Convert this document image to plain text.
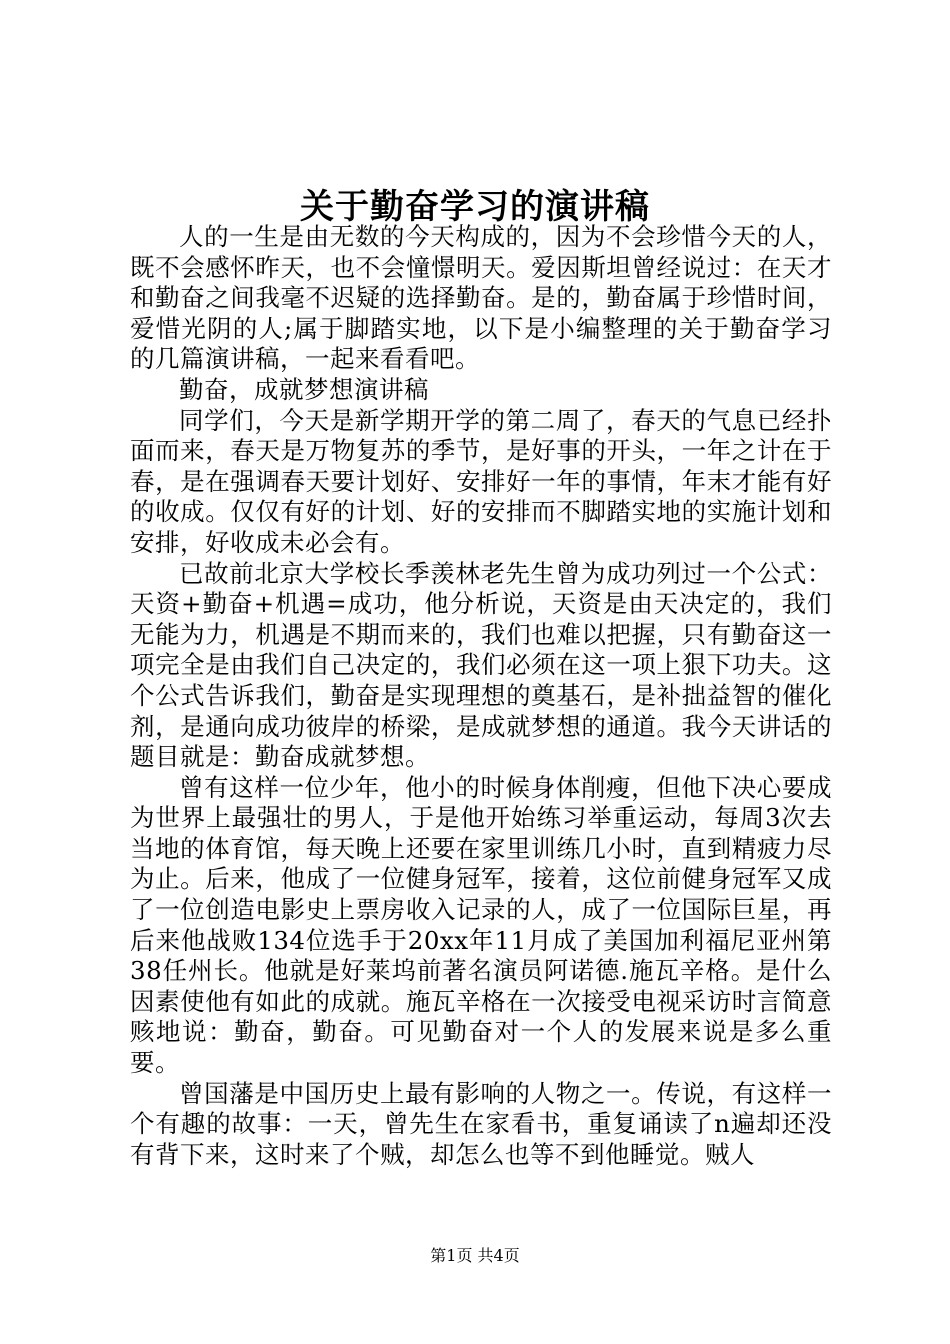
关于勤奋学习的演讲稿

人的一生是由无数的今天构成的，因为不会珍惜今天的人，既不会感怀昨天，也不会憧憬明天。爱因斯坦曾经说过：在天才和勤奋之间我毫不迟疑的选择勤奋。是的，勤奋属于珍惜时间，爱惜光阴的人;属于脚踏实地，以下是小编整理的关于勤奋学习的几篇演讲稿，一起来看看吧。

勤奋，成就梦想演讲稿

同学们，今天是新学期开学的第二周了，春天的气息已经扑面而来，春天是万物复苏的季节，是好事的开头，一年之计在于春，是在强调春天要计划好、安排好一年的事情，年末才能有好的收成。仅仅有好的计划、好的安排而不脚踏实地的实施计划和安排，好收成未必会有。

已故前北京大学校长季羡林老先生曾为成功列过一个公式：天资+勤奋+机遇=成功，他分析说，天资是由天决定的，我们无能为力，机遇是不期而来的，我们也难以把握，只有勤奋这一项完全是由我们自己决定的，我们必须在这一项上狠下功夫。这个公式告诉我们，勤奋是实现理想的奠基石，是补拙益智的催化剂，是通向成功彼岸的桥梁，是成就梦想的通道。我今天讲话的题目就是：勤奋成就梦想。

曾有这样一位少年，他小的时候身体削瘦，但他下决心要成为世界上最强壮的男人，于是他开始练习举重运动，每周3次去当地的体育馆，每天晚上还要在家里训练几小时，直到精疲力尽为止。后来，他成了一位健身冠军，接着，这位前健身冠军又成了一位创造电影史上票房收入记录的人，成了一位国际巨星，再后来他战败134位选手于20xx年11月成了美国加利福尼亚州第38任州长。他就是好莱坞前著名演员阿诺德.施瓦辛格。是什么因素使他有如此的成就。施瓦辛格在一次接受电视采访时言简意赅地说：勤奋，勤奋。可见勤奋对一个人的发展来说是多么重要。

曾国藩是中国历史上最有影响的人物之一。传说，有这样一个有趣的故事：一天，曾先生在家看书，重复诵读了n遍却还没有背下来，这时来了个贼，却怎么也等不到他睡觉。贼人

第1页 共4页
